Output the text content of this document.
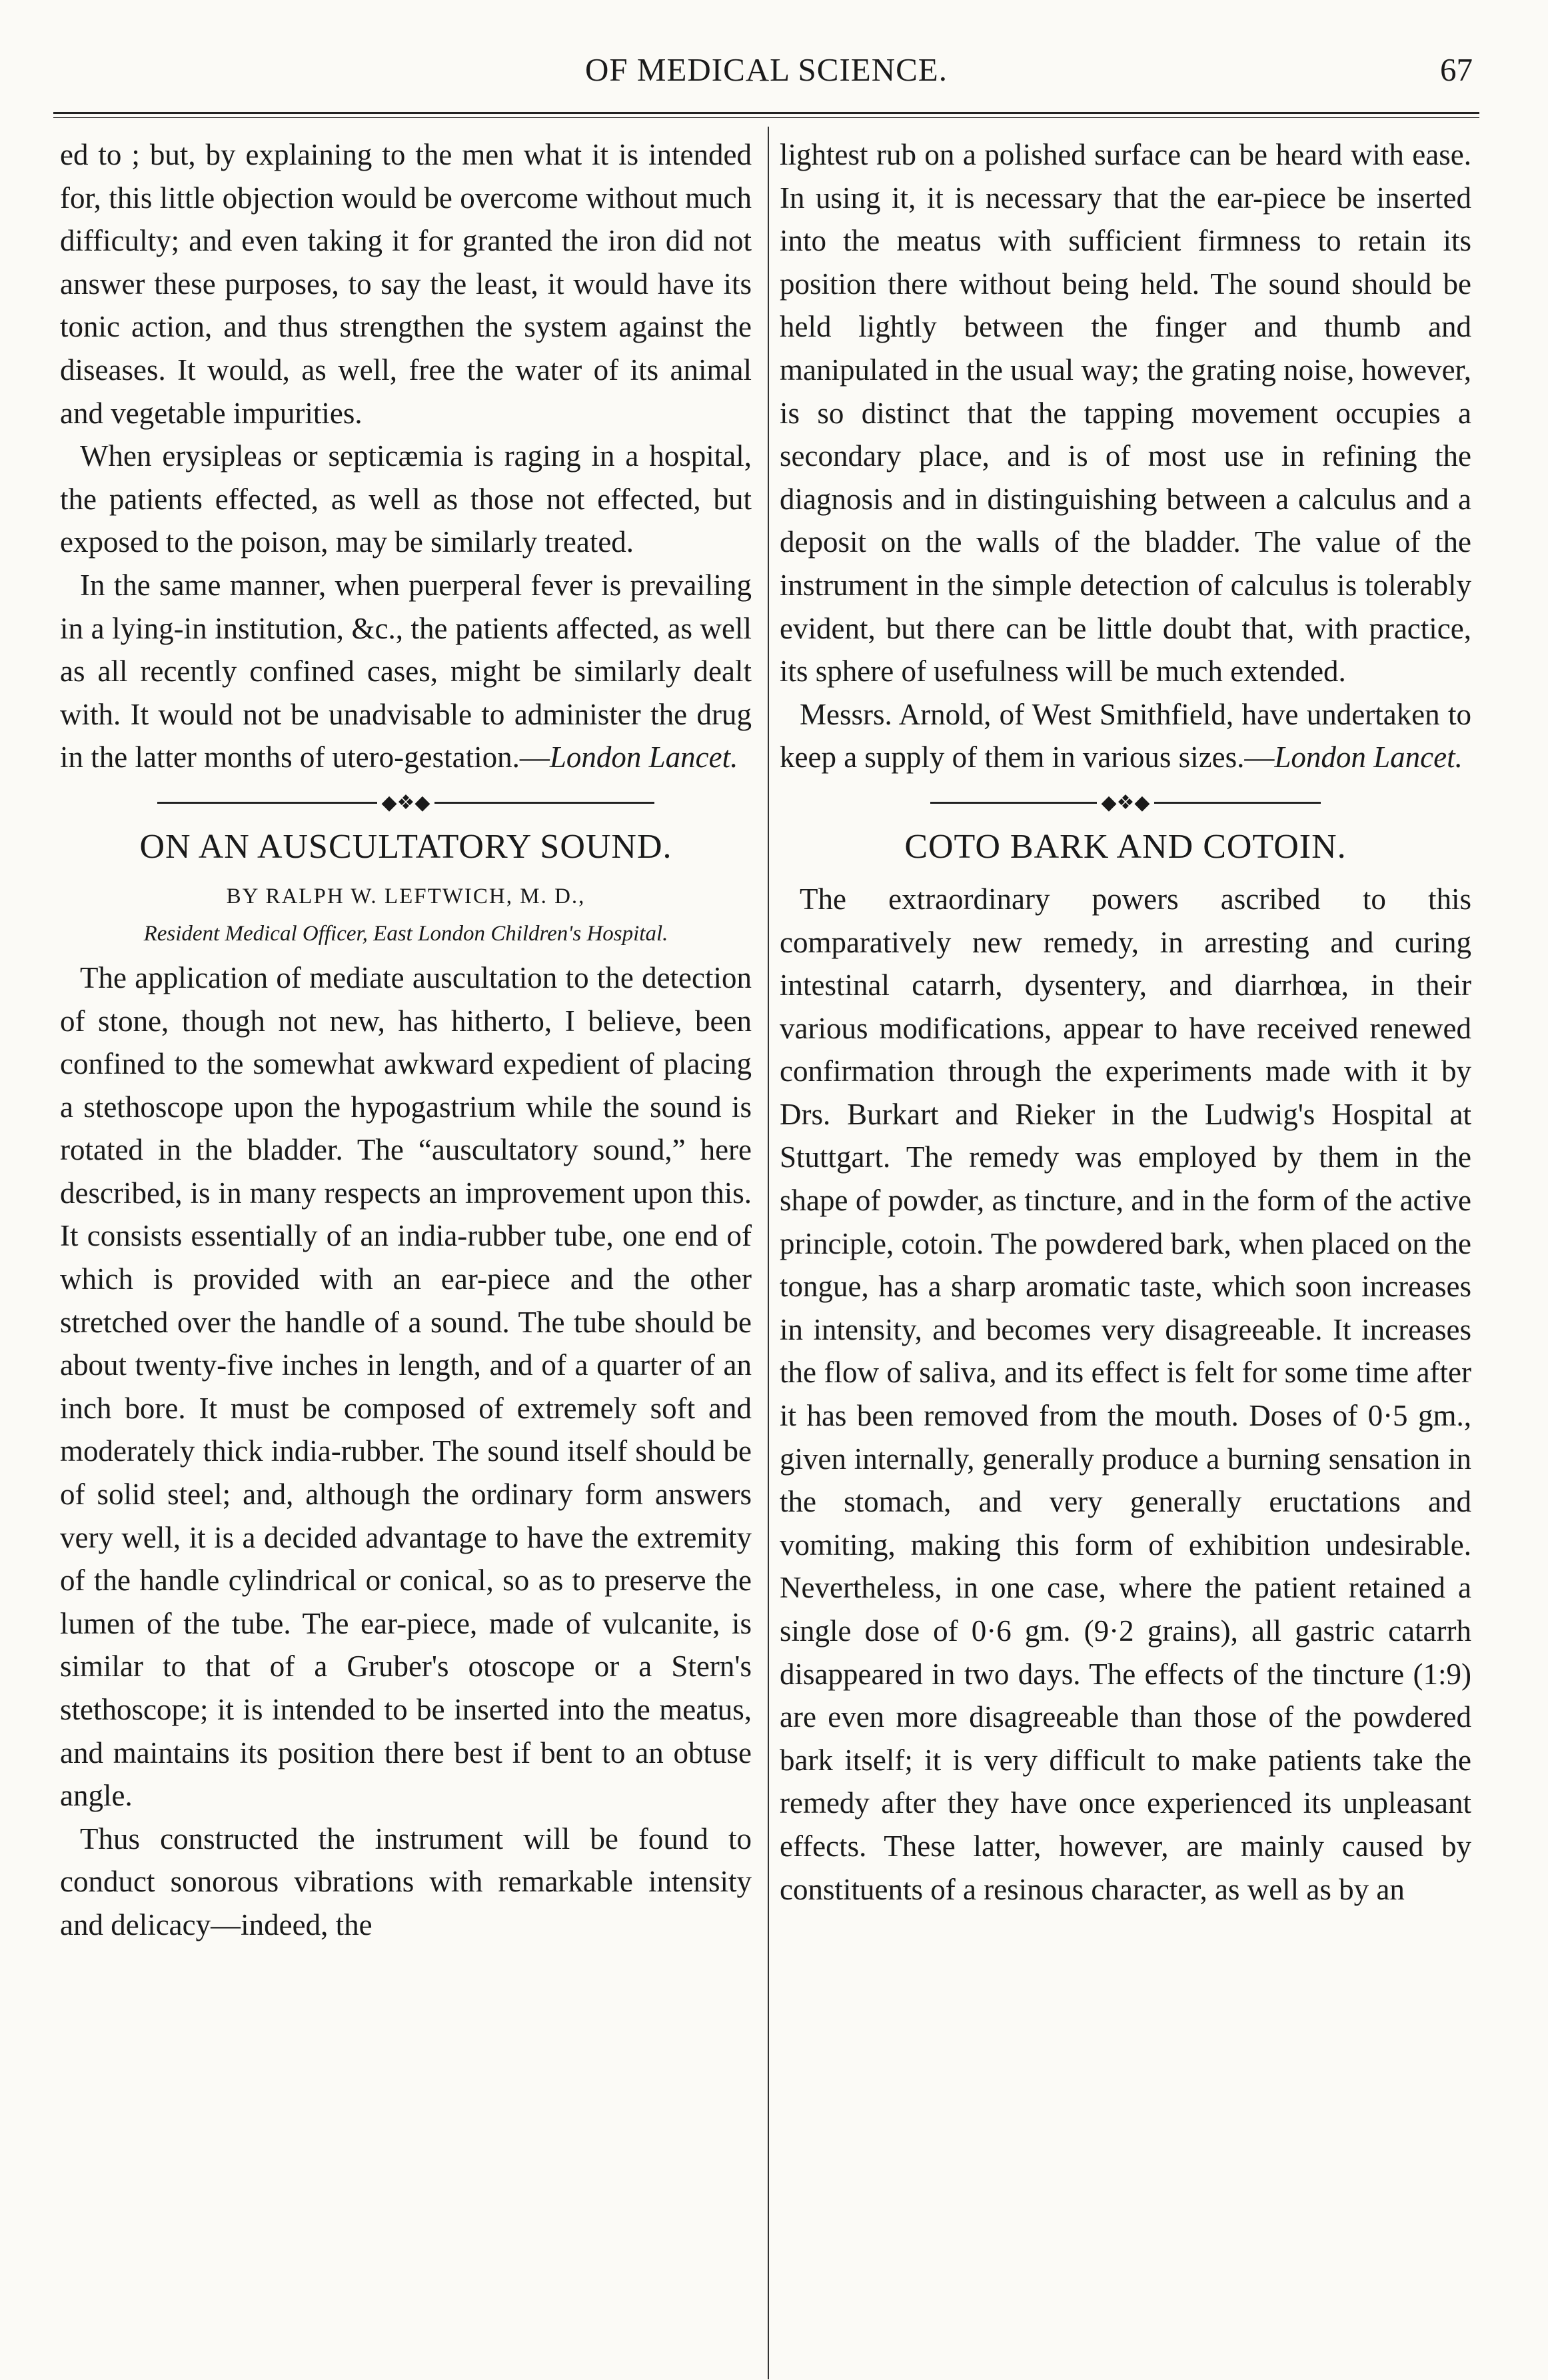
OF MEDICAL SCIENCE.	67

ed to ; but, by explaining to the men what it is intended for, this little objection would be overcome without much difficulty; and even taking it for granted the iron did not answer these purposes, to say the least, it would have its tonic action, and thus strengthen the system against the diseases. It would, as well, free the water of its animal and vegetable impurities.

When erysipleas or septicæmia is raging in a hospital, the patients effected, as well as those not effected, but exposed to the poison, may be similarly treated.

In the same manner, when puerperal fever is prevailing in a lying-in institution, &c., the patients affected, as well as all recently confined cases, might be similarly dealt with. It would not be unadvisable to administer the drug in the latter months of utero-gestation.—London Lancet.

◆❖◆
ON AN AUSCULTATORY SOUND.
BY RALPH W. LEFTWICH, M. D.,
Resident Medical Officer, East London Children's Hospital.

The application of mediate auscultation to the detection of stone, though not new, has hitherto, I believe, been confined to the somewhat awkward expedient of placing a stethoscope upon the hypogastrium while the sound is rotated in the bladder. The “auscultatory sound,” here described, is in many respects an improvement upon this. It consists essentially of an india-rubber tube, one end of which is provided with an ear-piece and the other stretched over the handle of a sound. The tube should be about twenty-five inches in length, and of a quarter of an inch bore. It must be composed of extremely soft and moderately thick india-rubber. The sound itself should be of solid steel; and, although the ordinary form answers very well, it is a decided advantage to have the extremity of the handle cylindrical or conical, so as to preserve the lumen of the tube. The ear-piece, made of vulcanite, is similar to that of a Gruber's otoscope or a Stern's stethoscope; it is intended to be inserted into the meatus, and maintains its position there best if bent to an obtuse angle.

Thus constructed the instrument will be found to conduct sonorous vibrations with remarkable intensity and delicacy—indeed, the

lightest rub on a polished surface can be heard with ease. In using it, it is necessary that the ear-piece be inserted into the meatus with sufficient firmness to retain its position there without being held. The sound should be held lightly between the finger and thumb and manipulated in the usual way; the grating noise, however, is so distinct that the tapping movement occupies a secondary place, and is of most use in refining the diagnosis and in distinguishing between a calculus and a deposit on the walls of the bladder. The value of the instrument in the simple detection of calculus is tolerably evident, but there can be little doubt that, with practice, its sphere of usefulness will be much extended.

Messrs. Arnold, of West Smithfield, have undertaken to keep a supply of them in various sizes.—London Lancet.

◆❖◆
COTO BARK AND COTOIN.

The extraordinary powers ascribed to this comparatively new remedy, in arresting and curing intestinal catarrh, dysentery, and diarrhœa, in their various modifications, appear to have received renewed confirmation through the experiments made with it by Drs. Burkart and Rieker in the Ludwig's Hospital at Stuttgart. The remedy was employed by them in the shape of powder, as tincture, and in the form of the active principle, cotoin. The powdered bark, when placed on the tongue, has a sharp aromatic taste, which soon increases in intensity, and becomes very disagreeable. It increases the flow of saliva, and its effect is felt for some time after it has been removed from the mouth. Doses of 0·5 gm., given internally, generally produce a burning sensation in the stomach, and very generally eructations and vomiting, making this form of exhibition undesirable. Nevertheless, in one case, where the patient retained a single dose of 0·6 gm. (9·2 grains), all gastric catarrh disappeared in two days. The effects of the tincture (1:9) are even more disagreeable than those of the powdered bark itself; it is very difficult to make patients take the remedy after they have once experienced its unpleasant effects. These latter, however, are mainly caused by constituents of a resinous character, as well as by an
